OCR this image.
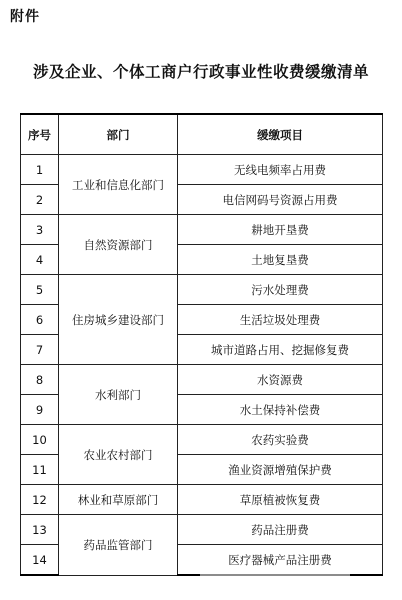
附件
涉及企业、个体工商户行政事业性收费缓缴清单
序号	部门	缓缴项目
1	工业和信息化部门	无线电频率占用费
2		电信网码号资源占用费
3	自然资源部门	耕地开垦费
4		土地复垦费
5	住房城乡建设部门	污水处理费
6		生活垃圾处理费
7		城市道路占用、挖掘修复费
8	水利部门	水资源费
9		水土保持补偿费
10	农业农村部门	农药实验费
11		渔业资源增殖保护费
12	林业和草原部门	草原植被恢复费
13	药品监管部门	药品注册费
14		医疗器械产品注册费
